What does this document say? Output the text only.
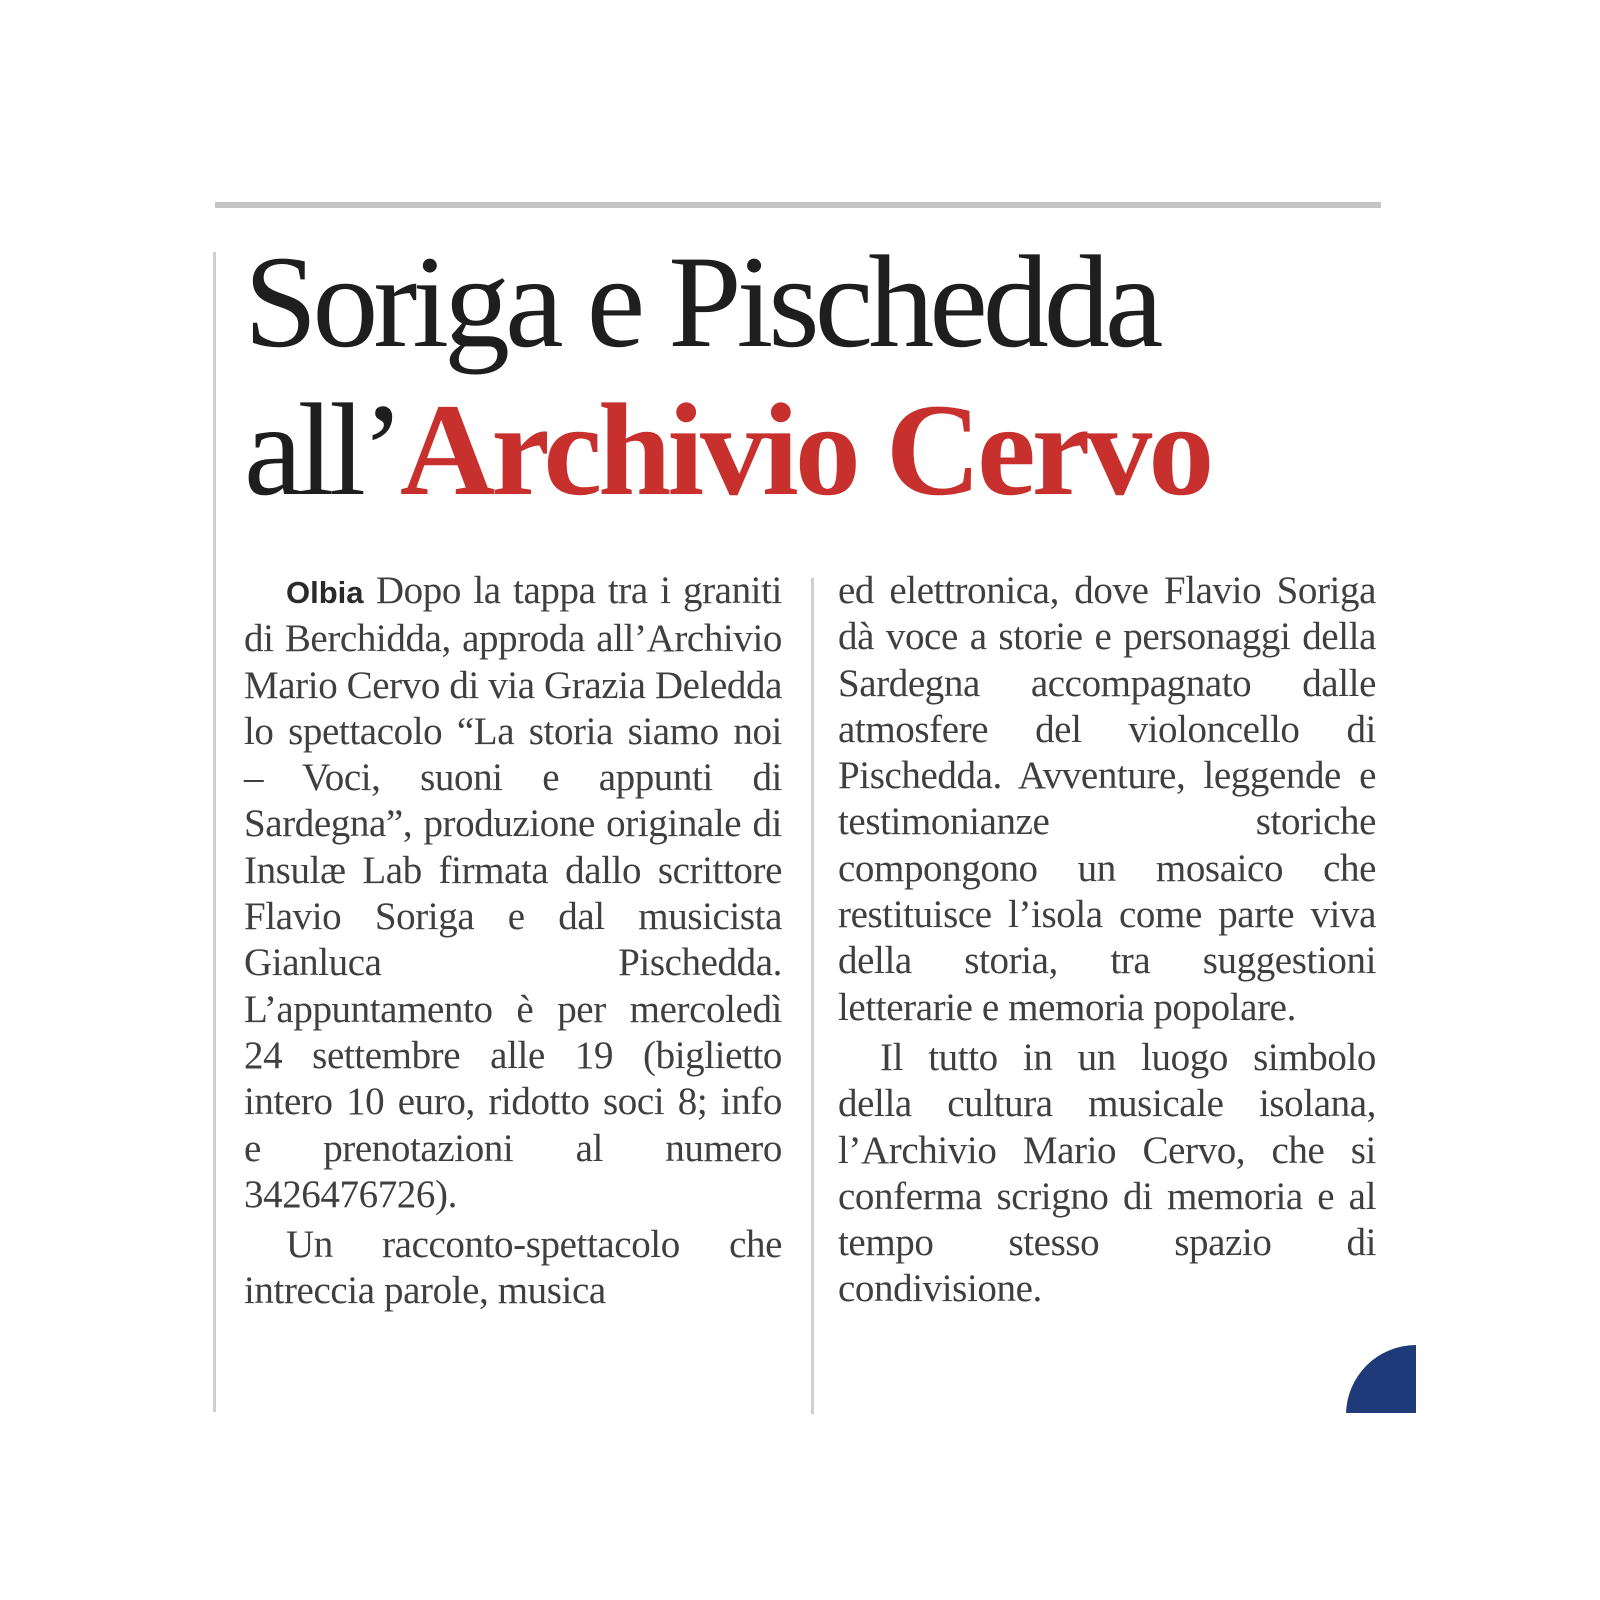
Soriga e Pischedda
all’Archivio Cervo

Olbia Dopo la tappa tra i graniti di Berchidda, approda all’Archivio Mario Cervo di via Grazia Deledda lo spettacolo “La storia siamo noi – Voci, suoni e appunti di Sardegna”, produzione originale di Insulæ Lab firmata dallo scrittore Flavio Soriga e dal musicista Gianluca Pischedda. L’appuntamento è per mercoledì 24 settembre alle 19 (biglietto intero 10 euro, ridotto soci 8; info e prenotazioni al numero 3426476726).

Un racconto-spettacolo che intreccia parole, musica

ed elettronica, dove Flavio Soriga dà voce a storie e personaggi della Sardegna accompagnato dalle atmosfere del violoncello di Pischedda. Avventure, leggende e testimonianze storiche compongono un mosaico che restituisce l’isola come parte viva della storia, tra suggestioni letterarie e memoria popolare.

Il tutto in un luogo simbolo della cultura musicale isolana, l’Archivio Mario Cervo, che si conferma scrigno di memoria e al tempo stesso spazio di condivisione.
